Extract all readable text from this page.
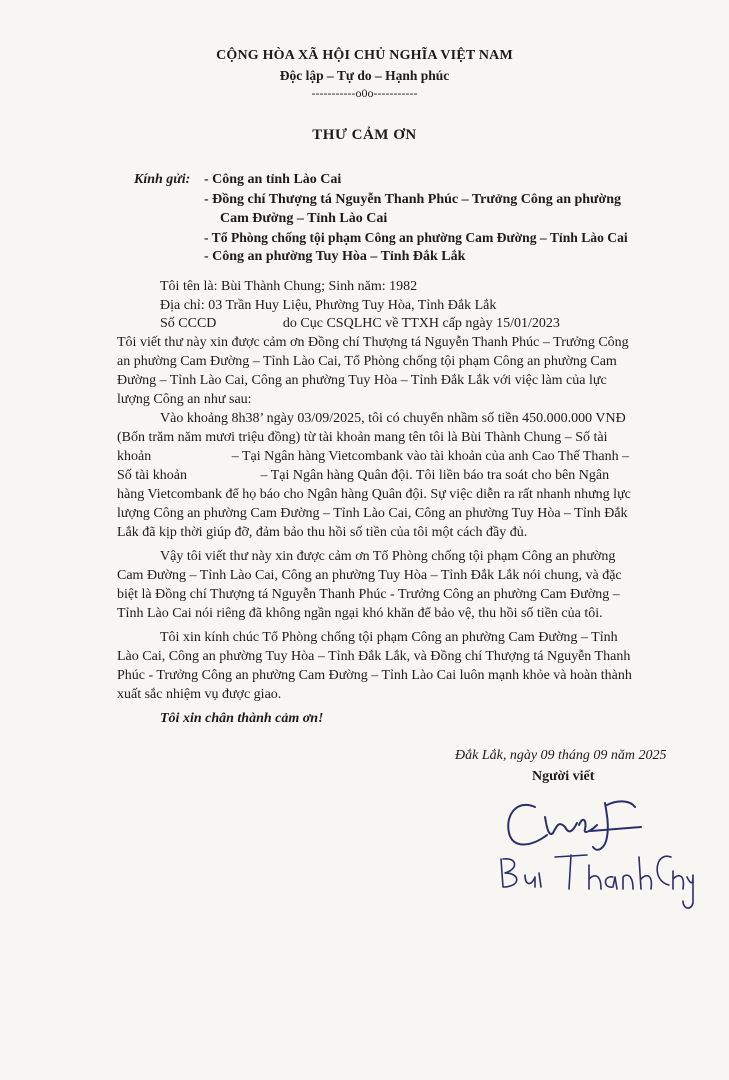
CỘNG HÒA XÃ HỘI CHỦ NGHĨA VIỆT NAM
Độc lập – Tự do – Hạnh phúc
-----------o0o-----------
THƯ CẢM ƠN
Kính gửi: - Công an tỉnh Lào Cai
- Đồng chí Thượng tá Nguyễn Thanh Phúc – Trưởng Công an phường
Cam Đường – Tỉnh Lào Cai
- Tổ Phòng chống tội phạm Công an phường Cam Đường – Tỉnh Lào Cai
- Công an phường Tuy Hòa – Tỉnh Đắk Lắk
Tôi tên là: Bùi Thành Chung; Sinh năm: 1982
Địa chỉ: 03 Trần Huy Liệu, Phường Tuy Hòa, Tỉnh Đắk Lắk
Số CCCD                   do Cục CSQLHC về TTXH cấp ngày 15/01/2023
Tôi viết thư này xin được cảm ơn Đồng chí Thượng tá Nguyễn Thanh Phúc – Trưởng Công
an phường Cam Đường – Tỉnh Lào Cai, Tổ Phòng chống tội phạm Công an phường Cam
Đường – Tỉnh Lào Cai, Công an phường Tuy Hòa – Tỉnh Đắk Lắk với việc làm của lực
lượng Công an như sau:
Vào khoảng 8h38’ ngày 03/09/2025, tôi có chuyển nhầm số tiền 450.000.000 VNĐ
(Bốn trăm năm mươi triệu đồng) từ tài khoản mang tên tôi là Bùi Thành Chung – Số tài
khoản                       – Tại Ngân hàng Vietcombank vào tài khoản của anh Cao Thế Thanh –
Số tài khoản                     – Tại Ngân hàng Quân đội. Tôi liền báo tra soát cho bên Ngân
hàng Vietcombank để họ báo cho Ngân hàng Quân đội. Sự việc diễn ra rất nhanh nhưng lực
lượng Công an phường Cam Đường – Tỉnh Lào Cai, Công an phường Tuy Hòa – Tỉnh Đắk
Lắk đã kịp thời giúp đỡ, đảm bảo thu hồi số tiền của tôi một cách đầy đủ.
Vậy tôi viết thư này xin được cảm ơn Tổ Phòng chống tội phạm Công an phường
Cam Đường – Tỉnh Lào Cai, Công an phường Tuy Hòa – Tỉnh Đắk Lắk nói chung, và đặc
biệt là Đồng chí Thượng tá Nguyễn Thanh Phúc - Trưởng Công an phường Cam Đường –
Tỉnh Lào Cai nói riêng đã không ngần ngại khó khăn để bảo vệ, thu hồi số tiền của tôi.
Tôi xin kính chúc Tổ Phòng chống tội phạm Công an phường Cam Đường – Tỉnh
Lào Cai, Công an phường Tuy Hòa – Tỉnh Đắk Lắk, và Đồng chí Thượng tá Nguyễn Thanh
Phúc - Trưởng Công an phường Cam Đường – Tỉnh Lào Cai luôn mạnh khỏe và hoàn thành
xuất sắc nhiệm vụ được giao.
Tôi xin chân thành cảm ơn!
Đắk Lắk, ngày 09 tháng 09 năm 2025
Người viết
